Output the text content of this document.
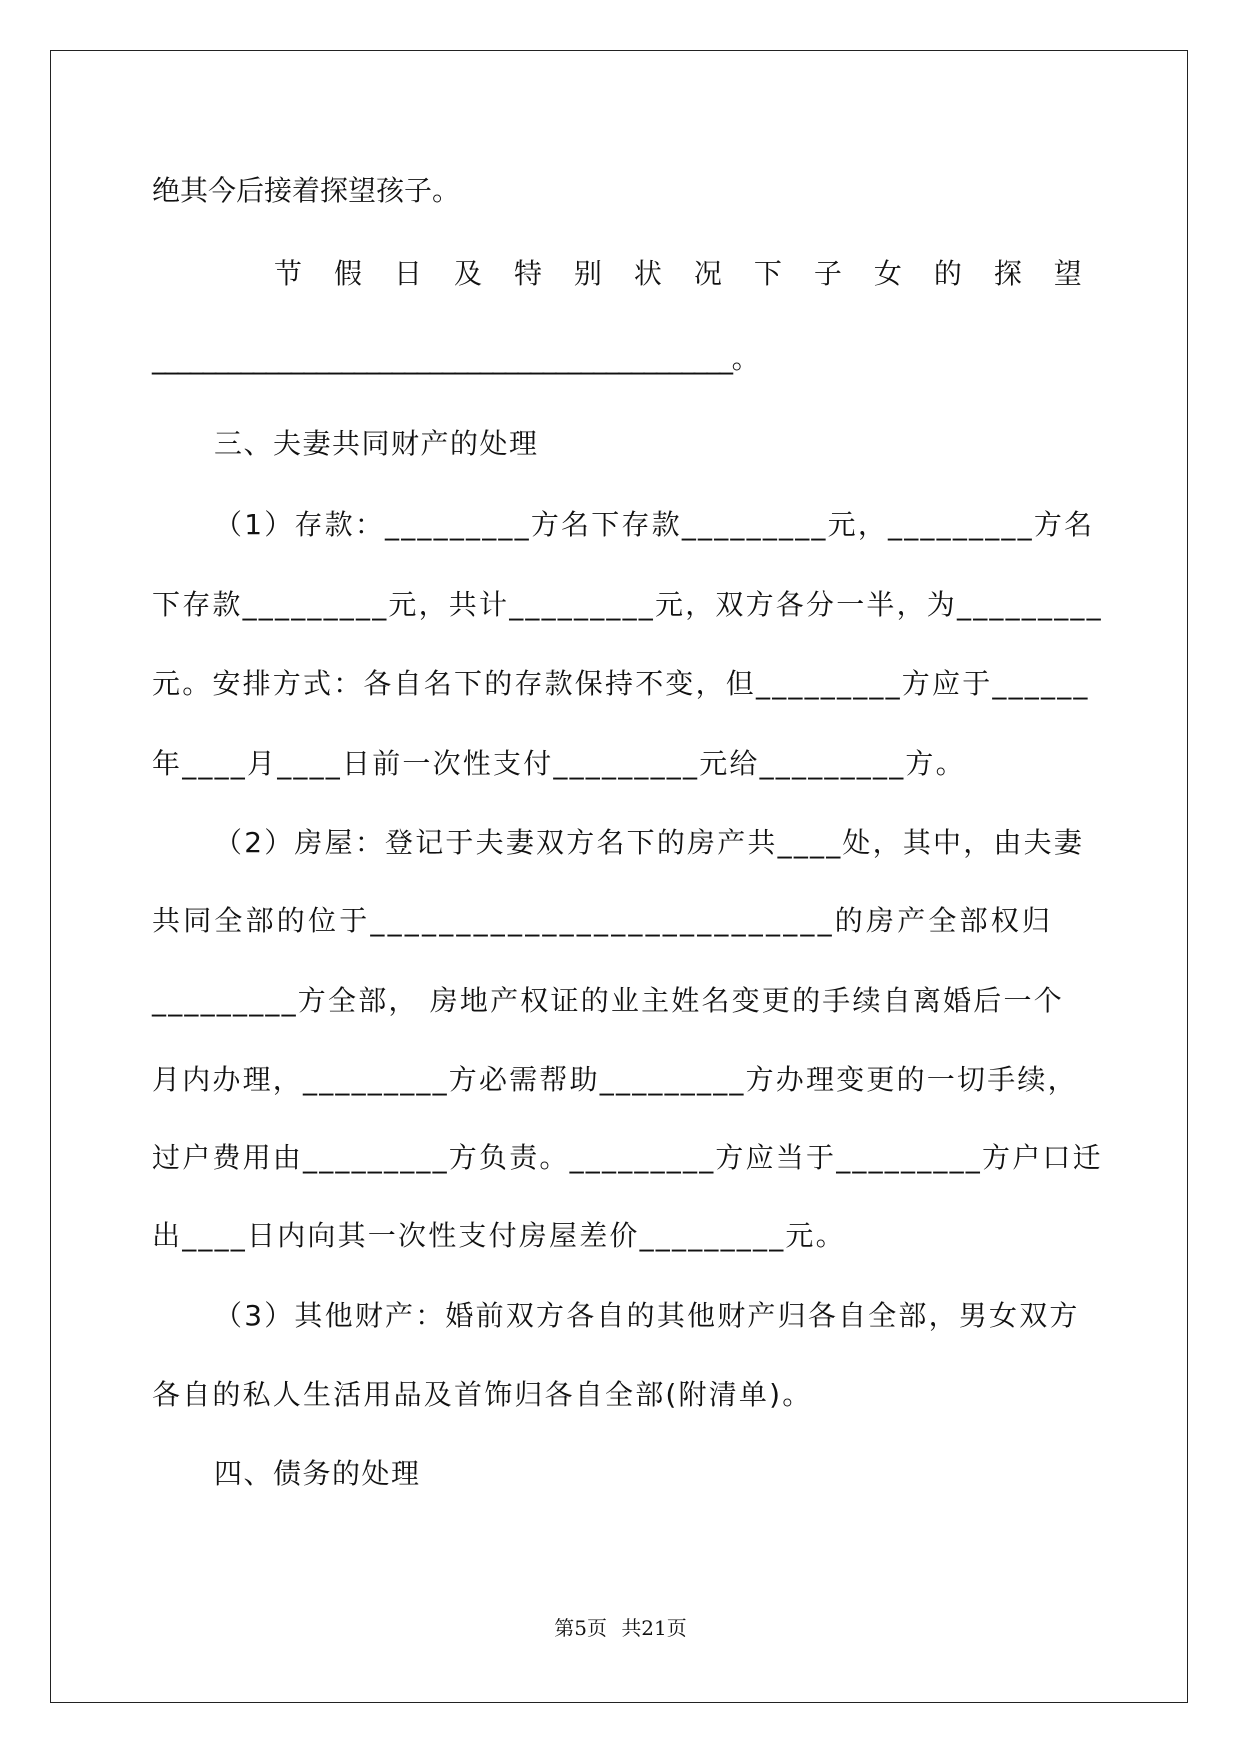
绝其今后接着探望孩子。
节 假 日 及 特 别 状 况 下 子 女 的 探 望
______________________________________________。
三、夫妻共同财产的处理
（1）存款：_________方名下存款_________元，_________方名
下存款_________元，共计_________元，双方各分一半，为_________
元。安排方式：各自名下的存款保持不变，但_________方应于______
年____月____日前一次性支付_________元给_________方。
（2）房屋：登记于夫妻双方名下的房产共____处，其中，由夫妻
共同全部的位于___________________________的房产全部权归
_________方全部， 房地产权证的业主姓名变更的手续自离婚后一个
月内办理，_________方必需帮助_________方办理变更的一切手续，
过户费用由_________方负责。_________方应当于_________方户口迁
出____日内向其一次性支付房屋差价_________元。
（3）其他财产：婚前双方各自的其他财产归各自全部，男女双方
各自的私人生活用品及首饰归各自全部(附清单)。
四、债务的处理
第5页 共21页
